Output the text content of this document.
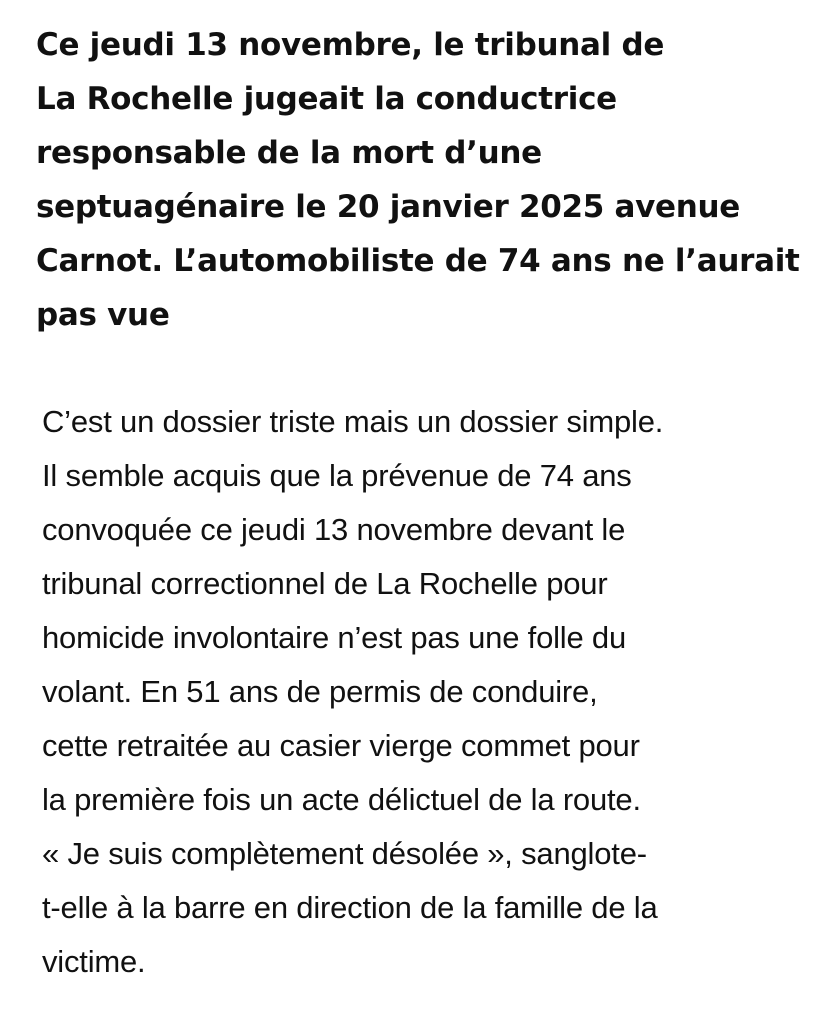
Ce jeudi 13 novembre, le tribunal de
La Rochelle jugeait la conductrice
responsable de la mort d’une
septuagénaire le 20 janvier 2025 avenue
Carnot. L’automobiliste de 74 ans ne l’aurait
pas vue

C’est un dossier triste mais un dossier simple.
Il semble acquis que la prévenue de 74 ans
convoquée ce jeudi 13 novembre devant le
tribunal correctionnel de La Rochelle pour
homicide involontaire n’est pas une folle du
volant. En 51 ans de permis de conduire,
cette retraitée au casier vierge commet pour
la première fois un acte délictuel de la route.
« Je suis complètement désolée », sanglote-
t-elle à la barre en direction de la famille de la
victime.
